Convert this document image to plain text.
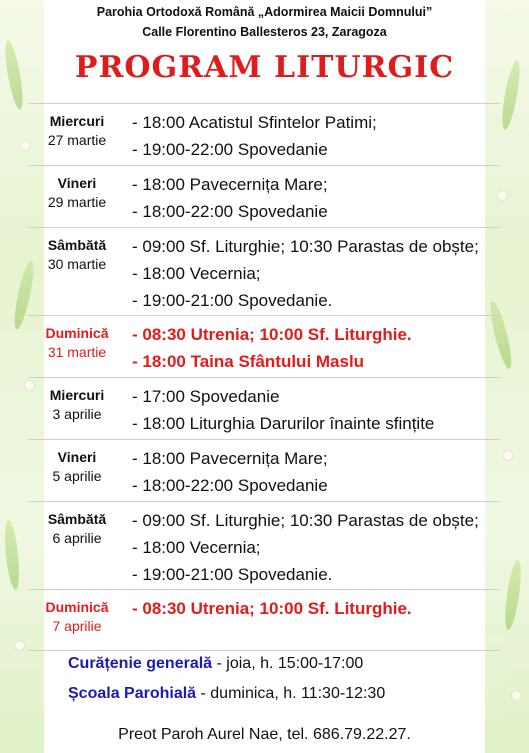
Parohia Ortodoxă Română „Adormirea Maicii Domnului”
Calle Florentino Ballesteros 23, Zaragoza
PROGRAM LITURGIC
Miercuri
27 martie
- 18:00 Acatistul Sfintelor Patimi;
- 19:00-22:00 Spovedanie
Vineri
29 martie
- 18:00 Pavecernița Mare;
- 18:00-22:00 Spovedanie
Sâmbătă
30 martie
- 09:00 Sf. Liturghie; 10:30 Parastas de obște;
- 18:00 Vecernia;
- 19:00-21:00 Spovedanie.
Duminică
31 martie
- 08:30 Utrenia; 10:00 Sf. Liturghie.
- 18:00 Taina Sfântului Maslu
Miercuri
3 aprilie
- 17:00 Spovedanie
- 18:00 Liturghia Darurilor înainte sfințite
Vineri
5 aprilie
- 18:00 Pavecernița Mare;
- 18:00-22:00 Spovedanie
Sâmbătă
6 aprilie
- 09:00 Sf. Liturghie; 10:30 Parastas de obște;
- 18:00 Vecernia;
- 19:00-21:00 Spovedanie.
Duminică
7 aprilie
- 08:30 Utrenia; 10:00 Sf. Liturghie.
Curățenie generală - joia, h. 15:00-17:00
Școala Parohială - duminica, h. 11:30-12:30
Preot Paroh Aurel Nae, tel. 686.79.22.27.
